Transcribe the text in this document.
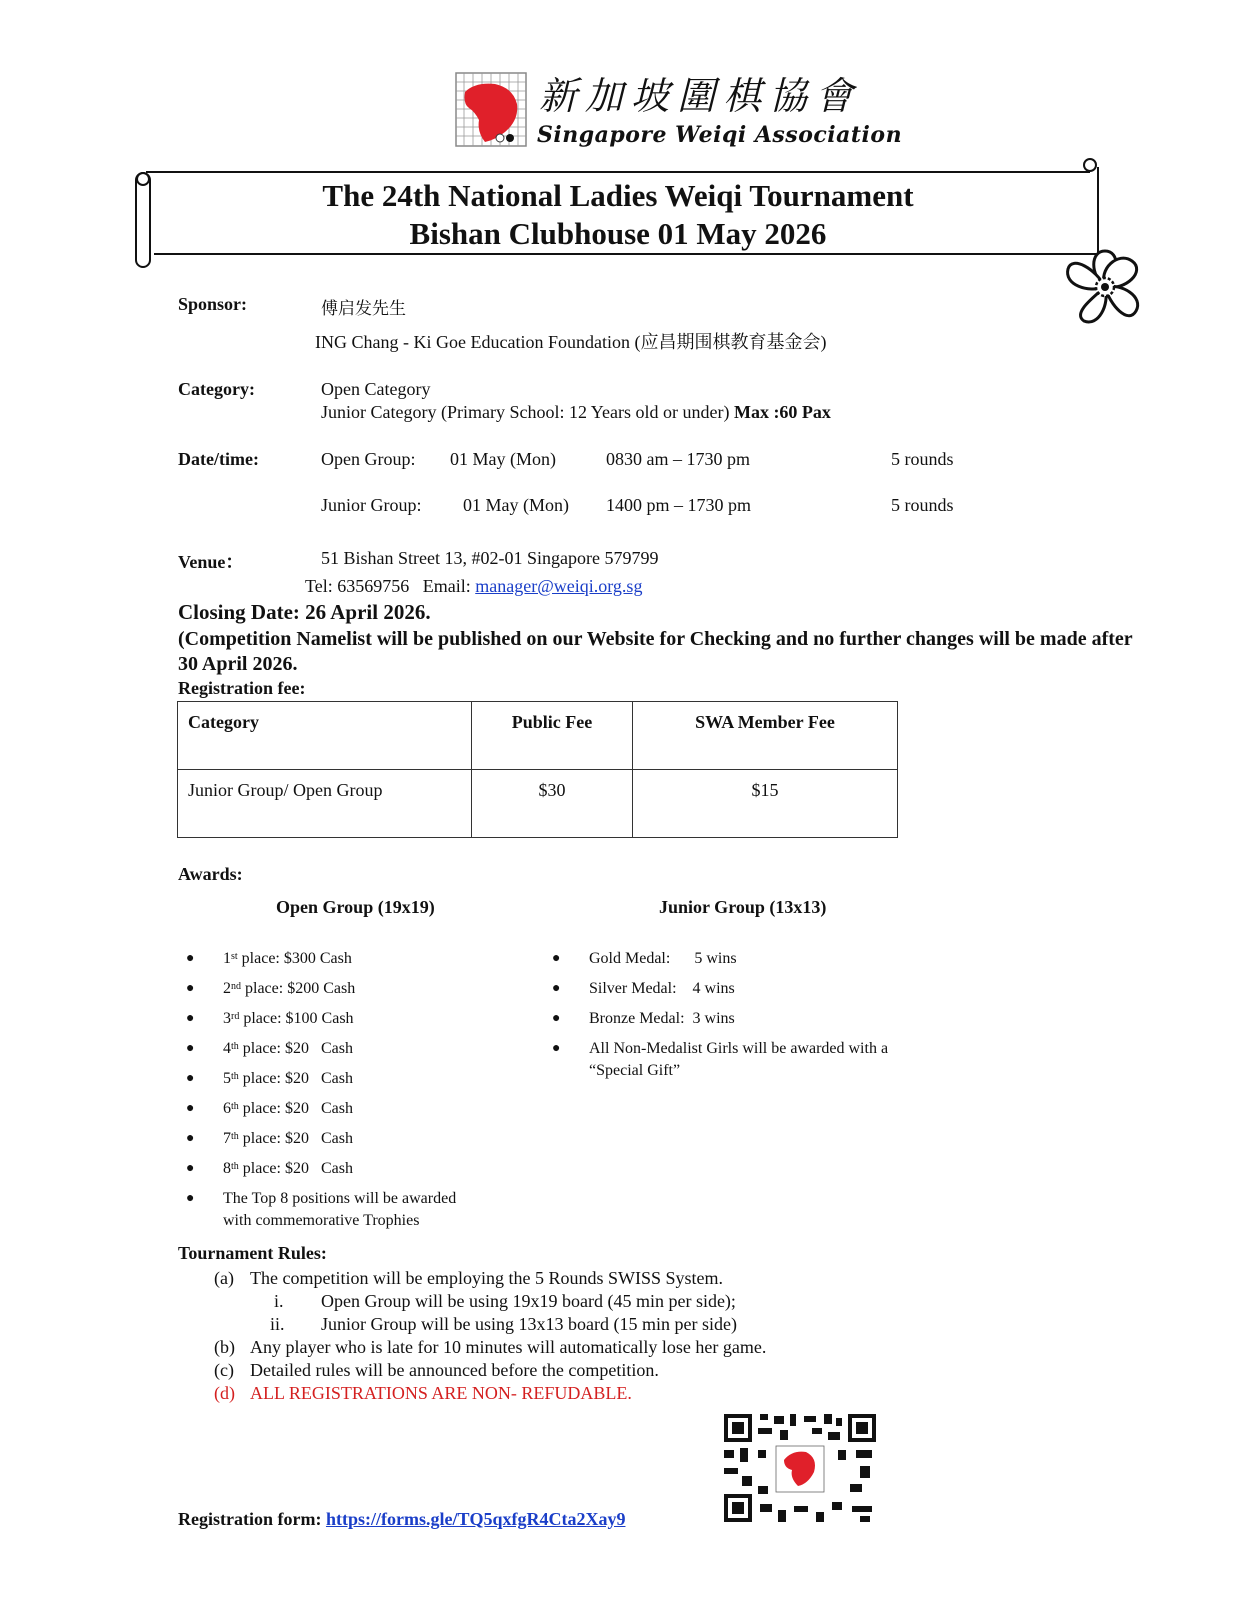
新加坡圍棋協會
Singapore Weiqi Association
The 24th National Ladies Weiqi Tournament
Bishan Clubhouse 01 May 2026
Sponsor:	傅启发先生
ING Chang - Ki Goe Education Foundation (应昌期围棋教育基金会)
Category:	Open Category
Junior Category (Primary School: 12 Years old or under) Max :60 Pax
Date/time:	Open Group: 01 May (Mon)	0830 am – 1730 pm	5 rounds
Junior Group: 01 May (Mon) 1400 pm – 1730 pm	5 rounds
Venue：	51 Bishan Street 13, #02-01 Singapore 579799
Tel: 63569756 Email: manager@weiqi.org.sg
Closing Date: 26 April 2026.
(Competition Namelist will be published on our Website for Checking and no further changes will be made after 30 April 2026.
Registration fee:
Category	Public Fee	SWA Member Fee
Junior Group/ Open Group	$30	$15
Awards:
Open Group (19x19)	Junior Group (13x13)
● 1st place: $300 Cash
● 2nd place: $200 Cash
● 3rd place: $100 Cash
● 4th place: $20   Cash
● 5th place: $20   Cash
● 6th place: $20   Cash
● 7th place: $20   Cash
● 8th place: $20   Cash
● The Top 8 positions will be awarded
with commemorative Trophies
● Gold Medal:      5 wins
● Silver Medal:    4 wins
● Bronze Medal:  3 wins
● All Non-Medalist Girls will be awarded with a
“Special Gift”
Tournament Rules:
(a) The competition will be employing the 5 Rounds SWISS System.
i. Open Group will be using 19x19 board (45 min per side);

ii. Junior Group will be using 13x13 board (15 min per side)

(b) Any player who is late for 10 minutes will automatically lose her game.
(c) Detailed rules will be announced before the competition.
(d) ALL REGISTRATIONS ARE NON- REFUDABLE.
Registration form: https://forms.gle/TQ5qxfgR4Cta2Xay9
